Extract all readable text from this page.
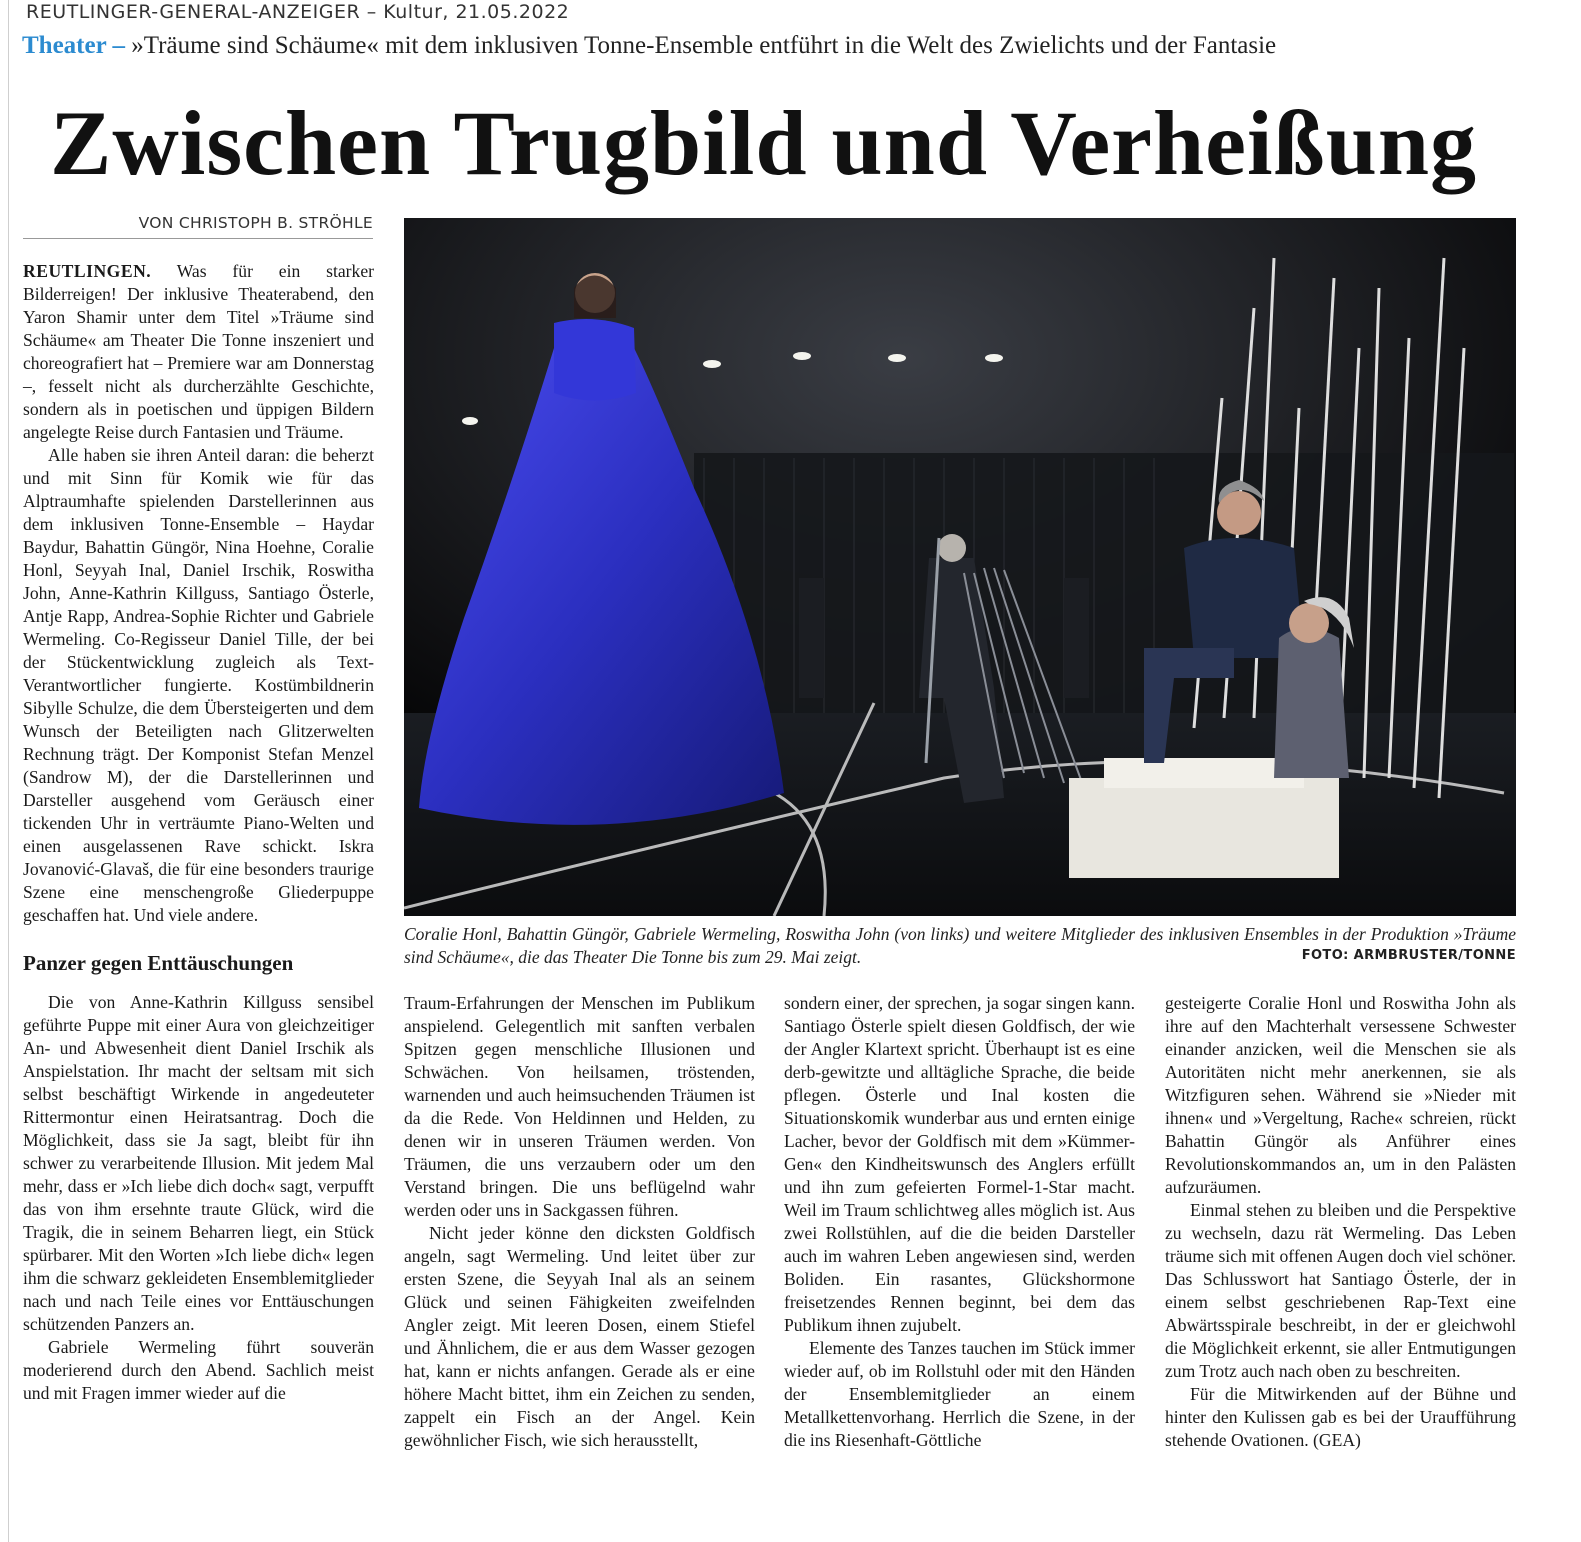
REUTLINGER-GENERAL-ANZEIGER – Kultur, 21.05.2022
Theater – »Träume sind Schäume« mit dem inklusiven Tonne-Ensemble entführt in die Welt des Zwielichts und der Fantasie
Zwischen Trugbild und Verheißung
VON CHRISTOPH B. STRÖHLE

REUTLINGEN. Was für ein starker Bilderreigen! Der inklusive Theaterabend, den Yaron Shamir unter dem Titel »Träume sind Schäume« am Theater Die Tonne inszeniert und choreografiert hat – Premiere war am Donnerstag –, fesselt nicht als durcherzählte Geschichte, sondern als in poetischen und üppigen Bildern angelegte Reise durch Fantasien und Träume.

Alle haben sie ihren Anteil daran: die beherzt und mit Sinn für Komik wie für das Alptraumhafte spielenden Darstellerinnen aus dem inklusiven Tonne-Ensemble – Haydar Baydur, Bahattin Güngör, Nina Hoehne, Coralie Honl, Seyyah Inal, Daniel Irschik, Roswitha John, Anne-Kathrin Killguss, Santiago Österle, Antje Rapp, Andrea-Sophie Richter und Gabriele Wermeling. Co-Regisseur Daniel Tille, der bei der Stückentwicklung zugleich als Text-Verantwortlicher fungierte. Kostümbildnerin Sibylle Schulze, die dem Übersteigerten und dem Wunsch der Beteiligten nach Glitzerwelten Rechnung trägt. Der Komponist Stefan Menzel (Sandrow M), der die Darstellerinnen und Darsteller ausgehend vom Geräusch einer tickenden Uhr in verträumte Piano-Welten und einen ausgelassenen Rave schickt. Iskra Jovanović-Glavaš, die für eine besonders traurige Szene eine menschengroße Gliederpuppe geschaffen hat. Und viele andere.

Panzer gegen Enttäuschungen

Die von Anne-Kathrin Killguss sensibel geführte Puppe mit einer Aura von gleichzeitiger An- und Abwesenheit dient Daniel Irschik als Anspielstation. Ihr macht der seltsam mit sich selbst beschäftigt Wirkende in angedeuteter Rittermontur einen Heiratsantrag. Doch die Möglichkeit, dass sie Ja sagt, bleibt für ihn schwer zu verarbeitende Illusion. Mit jedem Mal mehr, dass er »Ich liebe dich doch« sagt, verpufft das von ihm ersehnte traute Glück, wird die Tragik, die in seinem Beharren liegt, ein Stück spürbarer. Mit den Worten »Ich liebe dich« legen ihm die schwarz gekleideten Ensemblemitglieder nach und nach Teile eines vor Enttäuschungen schützenden Panzers an.

Gabriele Wermeling führt souverän moderierend durch den Abend. Sachlich meist und mit Fragen immer wieder auf die

Coralie Honl, Bahattin Güngör, Gabriele Wermeling, Roswitha John (von links) und weitere Mitglieder des inklusiven Ensembles in der Produktion »Träume sind Schäume«, die das Theater Die Tonne bis zum 29. Mai zeigt.	FOTO: ARMBRUSTER/TONNE

Traum-Erfahrungen der Menschen im Publikum anspielend. Gelegentlich mit sanften verbalen Spitzen gegen menschliche Illusionen und Schwächen. Von heilsamen, tröstenden, warnenden und auch heimsuchenden Träumen ist da die Rede. Von Heldinnen und Helden, zu denen wir in unseren Träumen werden. Von Träumen, die uns verzaubern oder um den Verstand bringen. Die uns beflügelnd wahr werden oder uns in Sackgassen führen.

Nicht jeder könne den dicksten Goldfisch angeln, sagt Wermeling. Und leitet über zur ersten Szene, die Seyyah Inal als an seinem Glück und seinen Fähigkeiten zweifelnden Angler zeigt. Mit leeren Dosen, einem Stiefel und Ähnlichem, die er aus dem Wasser gezogen hat, kann er nichts anfangen. Gerade als er eine höhere Macht bittet, ihm ein Zeichen zu senden, zappelt ein Fisch an der Angel. Kein gewöhnlicher Fisch, wie sich herausstellt,

sondern einer, der sprechen, ja sogar singen kann. Santiago Österle spielt diesen Goldfisch, der wie der Angler Klartext spricht. Überhaupt ist es eine derb-gewitzte und alltägliche Sprache, die beide pflegen. Österle und Inal kosten die Situationskomik wunderbar aus und ernten einige Lacher, bevor der Goldfisch mit dem »Kümmer-Gen« den Kindheitswunsch des Anglers erfüllt und ihn zum gefeierten Formel-1-Star macht. Weil im Traum schlichtweg alles möglich ist. Aus zwei Rollstühlen, auf die die beiden Darsteller auch im wahren Leben angewiesen sind, werden Boliden. Ein rasantes, Glückshormone freisetzendes Rennen beginnt, bei dem das Publikum ihnen zujubelt.

Elemente des Tanzes tauchen im Stück immer wieder auf, ob im Rollstuhl oder mit den Händen der Ensemblemitglieder an einem Metallkettenvorhang. Herrlich die Szene, in der die ins Riesenhaft-Göttliche

gesteigerte Coralie Honl und Roswitha John als ihre auf den Machterhalt versessene Schwester einander anzicken, weil die Menschen sie als Autoritäten nicht mehr anerkennen, sie als Witzfiguren sehen. Während sie »Nieder mit ihnen« und »Vergeltung, Rache« schreien, rückt Bahattin Güngör als Anführer eines Revolutionskommandos an, um in den Palästen aufzuräumen.

Einmal stehen zu bleiben und die Perspektive zu wechseln, dazu rät Wermeling. Das Leben träume sich mit offenen Augen doch viel schöner. Das Schlusswort hat Santiago Österle, der in einem selbst geschriebenen Rap-Text eine Abwärtsspirale beschreibt, in der er gleichwohl die Möglichkeit erkennt, sie aller Entmutigungen zum Trotz auch nach oben zu beschreiten.

Für die Mitwirkenden auf der Bühne und hinter den Kulissen gab es bei der Uraufführung stehende Ovationen. (GEA)
